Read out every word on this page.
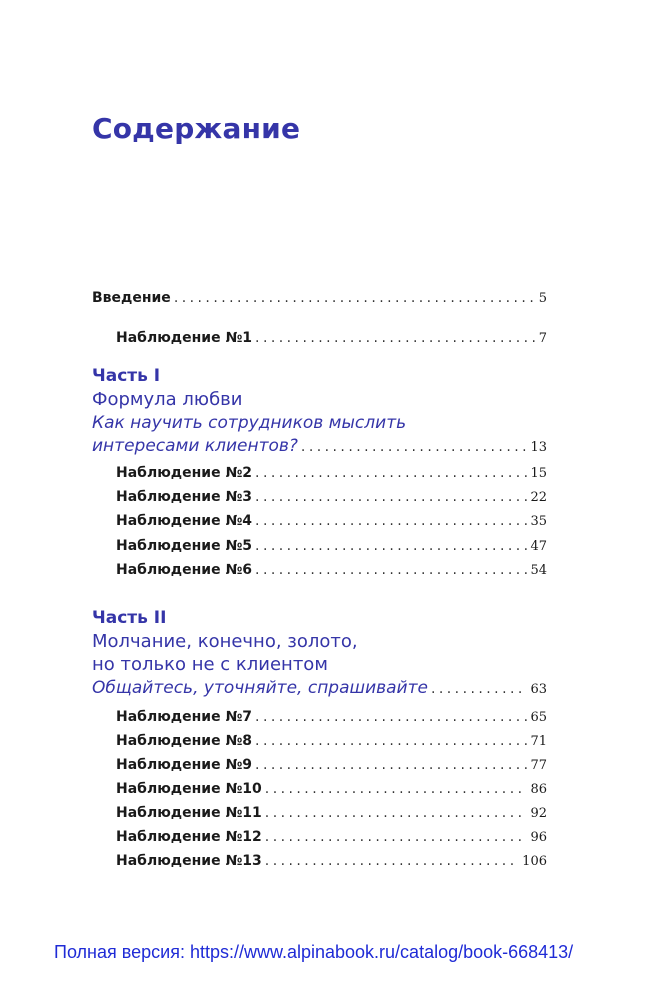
Содержание
Введение . . .	5
Наблюдение №1 . . .	7
Часть I
Формула любви
Как научить сотрудников мыслить
интересами клиентов? . . .	13
Наблюдение №2 . . .	15
Наблюдение №3 . . .	22
Наблюдение №4 . . .	35
Наблюдение №5 . . .	47
Наблюдение №6 . . .	54
Часть II
Молчание, конечно, золото,
но только не с клиентом
Общайтесь, уточняйте, спрашивайте . . .	63
Наблюдение №7 . . .	65
Наблюдение №8 . . .	71
Наблюдение №9 . . .	77
Наблюдение №10 . . .	86
Наблюдение №11 . . .	92
Наблюдение №12 . . .	96
Наблюдение №13 . . .	106
Полная версия: https://www.alpinabook.ru/catalog/book-668413/
